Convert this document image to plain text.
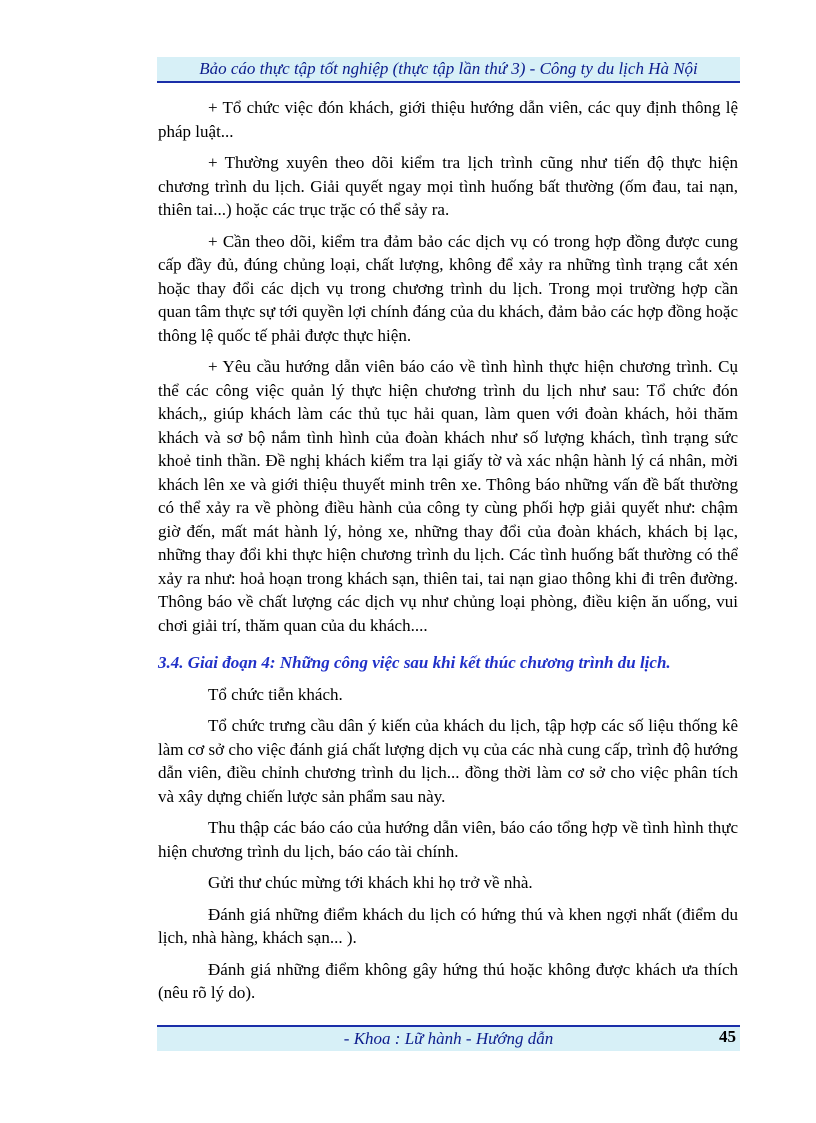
Bảo cáo thực tập tốt nghiệp (thực tập lần thứ 3) - Công ty du lịch Hà Nội

+ Tổ chức việc đón khách, giới thiệu hướng dẫn viên, các quy định thông lệ pháp luật...

+ Thường xuyên theo dõi kiểm tra lịch trình cũng như tiến độ thực hiện chương trình du lịch. Giải quyết ngay mọi tình huống bất thường (ốm đau, tai nạn, thiên tai...) hoặc các trục trặc có thể sảy ra.

+ Cần theo dõi, kiểm tra đảm bảo các dịch vụ có trong hợp đồng được cung cấp đầy đủ, đúng chủng loại, chất lượng, không để xảy ra những tình trạng cắt xén hoặc thay đổi các dịch vụ trong chương trình du lịch. Trong mọi trường hợp cần quan tâm thực sự tới quyền lợi chính đáng của du khách, đảm bảo các hợp đồng hoặc thông lệ quốc tế phải được thực hiện.

+ Yêu cầu hướng dẫn viên báo cáo về tình hình thực hiện chương trình. Cụ thể các công việc quản lý thực hiện chương trình du lịch như sau: Tổ chức đón khách,, giúp khách làm các thủ tục hải quan, làm quen với đoàn khách, hỏi thăm khách và sơ bộ nắm tình hình của đoàn khách như số lượng khách, tình trạng sức khoẻ tinh thần. Đề nghị khách kiểm tra lại giấy tờ và xác nhận hành lý cá nhân, mời khách lên xe và giới thiệu thuyết minh trên xe. Thông báo những vấn đề bất thường có thể xảy ra về phòng điều hành của công ty cùng phối hợp giải quyết như: chậm giờ đến, mất mát hành lý, hỏng xe, những thay đổi của đoàn khách, khách bị lạc, những thay đổi khi thực hiện chương trình du lịch. Các tình huống bất thường có thể xảy ra như: hoả hoạn trong khách sạn, thiên tai, tai nạn giao thông khi đi trên đường. Thông báo về chất lượng các dịch vụ như chủng loại phòng, điều kiện ăn uống, vui chơi giải trí, thăm quan của du khách....

3.4. Giai đoạn 4: Những công việc sau khi kết thúc chương trình du lịch.

Tổ chức tiễn khách.

Tổ chức trưng cầu dân ý kiến của khách du lịch, tập hợp các số liệu thống kê làm cơ sở cho việc đánh giá chất lượng dịch vụ của các nhà cung cấp, trình độ hướng dẫn viên, điều chỉnh chương trình du lịch... đồng thời làm cơ sở cho việc phân tích và xây dựng chiến lược sản phẩm sau này.

Thu thập các báo cáo của hướng dẫn viên, báo cáo tổng hợp về tình hình thực hiện chương trình du lịch, báo cáo tài chính.

Gửi thư chúc mừng tới khách khi họ trở về nhà.

Đánh giá những điểm khách du lịch có hứng thú và khen ngợi nhất (điểm du lịch, nhà hàng, khách sạn... ).

Đánh giá những điểm không gây hứng thú hoặc không được khách ưa thích (nêu rõ lý do).

- Khoa : Lữ hành - Hướng dẫn	45
